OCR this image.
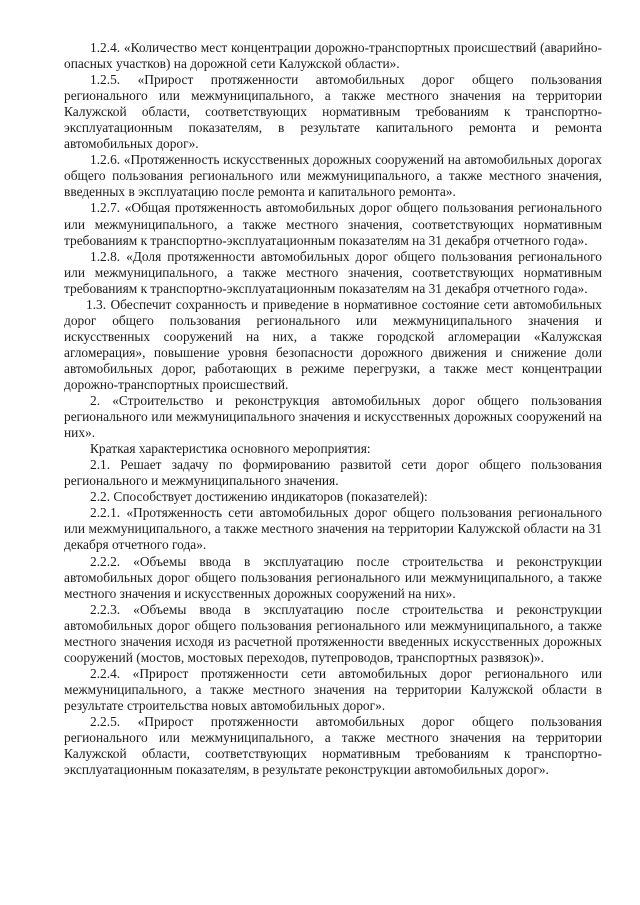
1.2.4. «Количество мест концентрации дорожно-транспортных происшествий (аварийно-опасных участков) на дорожной сети Калужской области».

1.2.5. «Прирост протяженности автомобильных дорог общего пользования регионального или межмуниципального, а также местного значения на территории Калужской области, соответствующих нормативным требованиям к транспортно-эксплуатационным показателям, в результате капитального ремонта и ремонта автомобильных дорог».

1.2.6. «Протяженность искусственных дорожных сооружений на автомобильных дорогах общего пользования регионального или межмуниципального, а также местного значения, введенных в эксплуатацию после ремонта и капитального ремонта».

1.2.7. «Общая протяженность автомобильных дорог общего пользования регионального или межмуниципального, а также местного значения, соответствующих нормативным требованиям к транспортно-эксплуатационным показателям на 31 декабря отчетного года».

1.2.8. «Доля протяженности автомобильных дорог общего пользования регионального или межмуниципального, а также местного значения, соответствующих нормативным требованиям к транспортно-эксплуатационным показателям на 31 декабря отчетного года».

1.3. Обеспечит сохранность и приведение в нормативное состояние сети автомобильных дорог общего пользования регионального или межмуниципального значения и искусственных сооружений на них, а также городской агломерации «Калужская агломерация», повышение уровня безопасности дорожного движения и снижение доли автомобильных дорог, работающих в режиме перегрузки, а также мест концентрации дорожно-транспортных происшествий.

2. «Строительство и реконструкция автомобильных дорог общего пользования регионального или межмуниципального значения и искусственных дорожных сооружений на них».

Краткая характеристика основного мероприятия:

2.1. Решает задачу по формированию развитой сети дорог общего пользования регионального и межмуниципального значения.

2.2. Способствует достижению индикаторов (показателей):

2.2.1. «Протяженность сети автомобильных дорог общего пользования регионального или межмуниципального, а также местного значения на территории Калужской области на 31 декабря отчетного года».

2.2.2. «Объемы ввода в эксплуатацию после строительства и реконструкции автомобильных дорог общего пользования регионального или межмуниципального, а также местного значения и искусственных дорожных сооружений на них».

2.2.3. «Объемы ввода в эксплуатацию после строительства и реконструкции автомобильных дорог общего пользования регионального или межмуниципального, а также местного значения исходя из расчетной протяженности введенных искусственных дорожных сооружений (мостов, мостовых переходов, путепроводов, транспортных развязок)».

2.2.4. «Прирост протяженности сети автомобильных дорог регионального или межмуниципального, а также местного значения на территории Калужской области в результате строительства новых автомобильных дорог».

2.2.5. «Прирост протяженности автомобильных дорог общего пользования регионального или межмуниципального, а также местного значения на территории Калужской области, соответствующих нормативным требованиям к транспортно-эксплуатационным показателям, в результате реконструкции автомобильных дорог».
